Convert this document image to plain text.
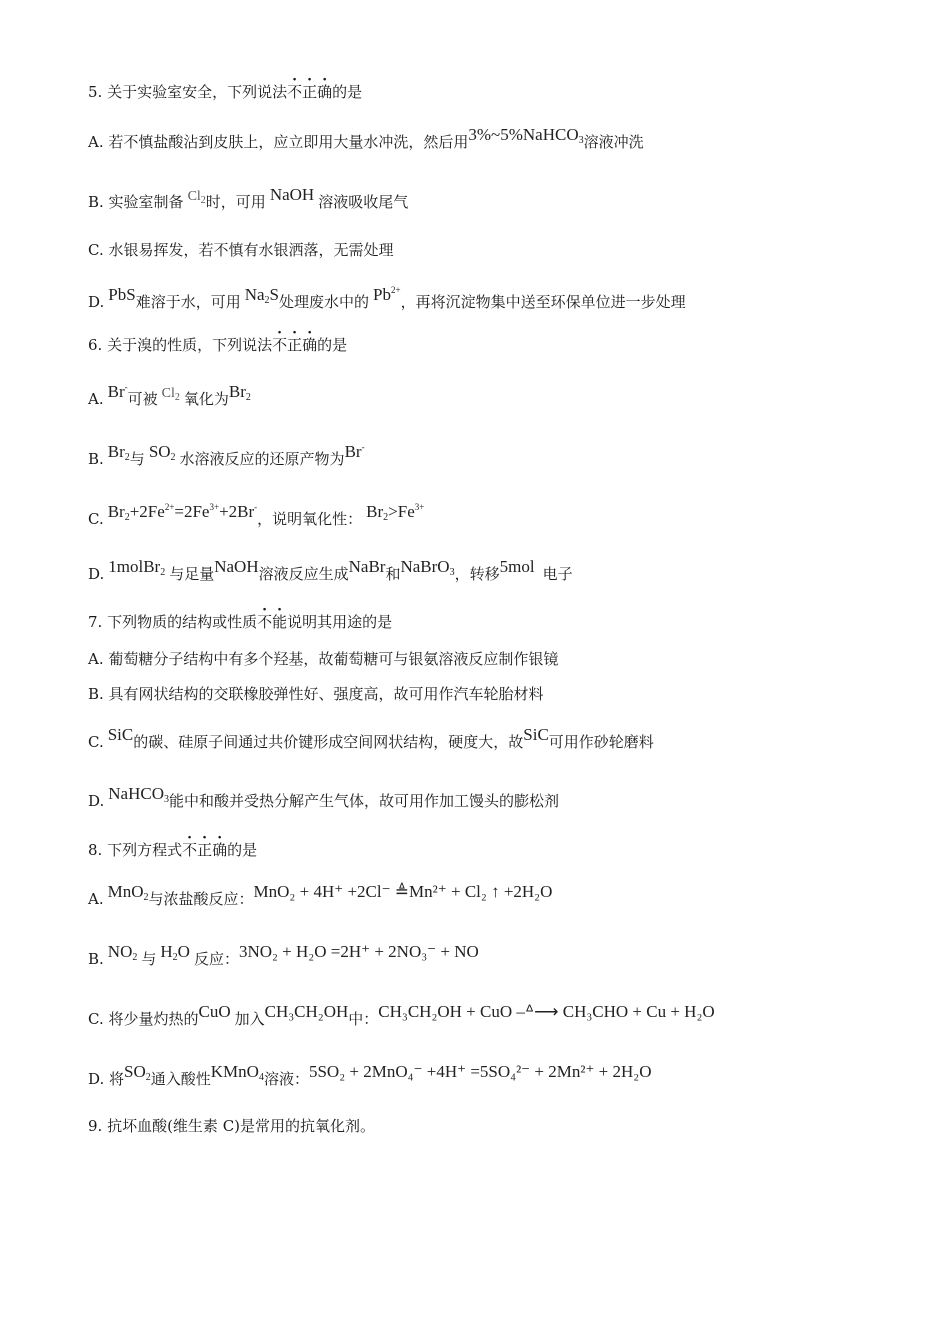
5. 关于实验室安全，下列说法不正确的是
A. 若不慎盐酸沾到皮肤上，应立即用大量水冲洗，然后用3%~5%NaHCO$_3$溶液冲洗
B. 实验室制备 $Cl_2$时，可用 NaOH 溶液吸收尾气
C. 水银易挥发，若不慎有水银洒落，无需处理
D. PbS难溶于水，可用 $Na_2S$处理废水中的 $Pb^{2+}$，再将沉淀物集中送至环保单位进一步处理
6. 关于溴的性质，下列说法不正确的是
A. Br-可被 $Cl_2$ 氧化为$Br_2$
B. $Br_2$与 $SO_2$ 水溶液反应的还原产物为Br-
C. $Br_2+2Fe^{2+}=2Fe^{3+}+2Br^-$，说明氧化性： $Br_2>Fe^{3+}$
D. 1molBr$_2$ 与足量NaOH溶液反应生成NaBr和NaBrO$_3$，转移5mol 电子
7. 下列物质的结构或性质不能说明其用途的是
A. 葡萄糖分子结构中有多个羟基，故葡萄糖可与银氨溶液反应制作银镜
B. 具有网状结构的交联橡胶弹性好、强度高，故可用作汽车轮胎材料
C. SiC的碳、硅原子间通过共价键形成空间网状结构，硬度大，故SiC可用作砂轮磨料
D. NaHCO$_3$能中和酸并受热分解产生气体，故可用作加工馒头的膨松剂
8. 下列方程式不正确的是
A. MnO$_2$与浓盐酸反应：MnO₂ + 4H⁺ +2Cl⁻ ≜Mn²⁺ + Cl₂ ↑ +2H₂O
B. $NO_2$ 与 $H_2O$ 反应：3NO₂ + H₂O =2H⁺ + 2NO₃⁻ + NO
C. 将少量灼热的CuO 加入CH₃CH₂OH中：CH₃CH₂OH + CuO –ᐞ⟶ CH₃CHO + Cu + H₂O
D. 将$SO_2$通入酸性KMnO$_4$溶液：5SO₂ + 2MnO₄⁻ +4H⁺ =5SO₄²⁻ + 2Mn²⁺ + 2H₂O
9. 抗坏血酸(维生素 C)是常用的抗氧化剂。
